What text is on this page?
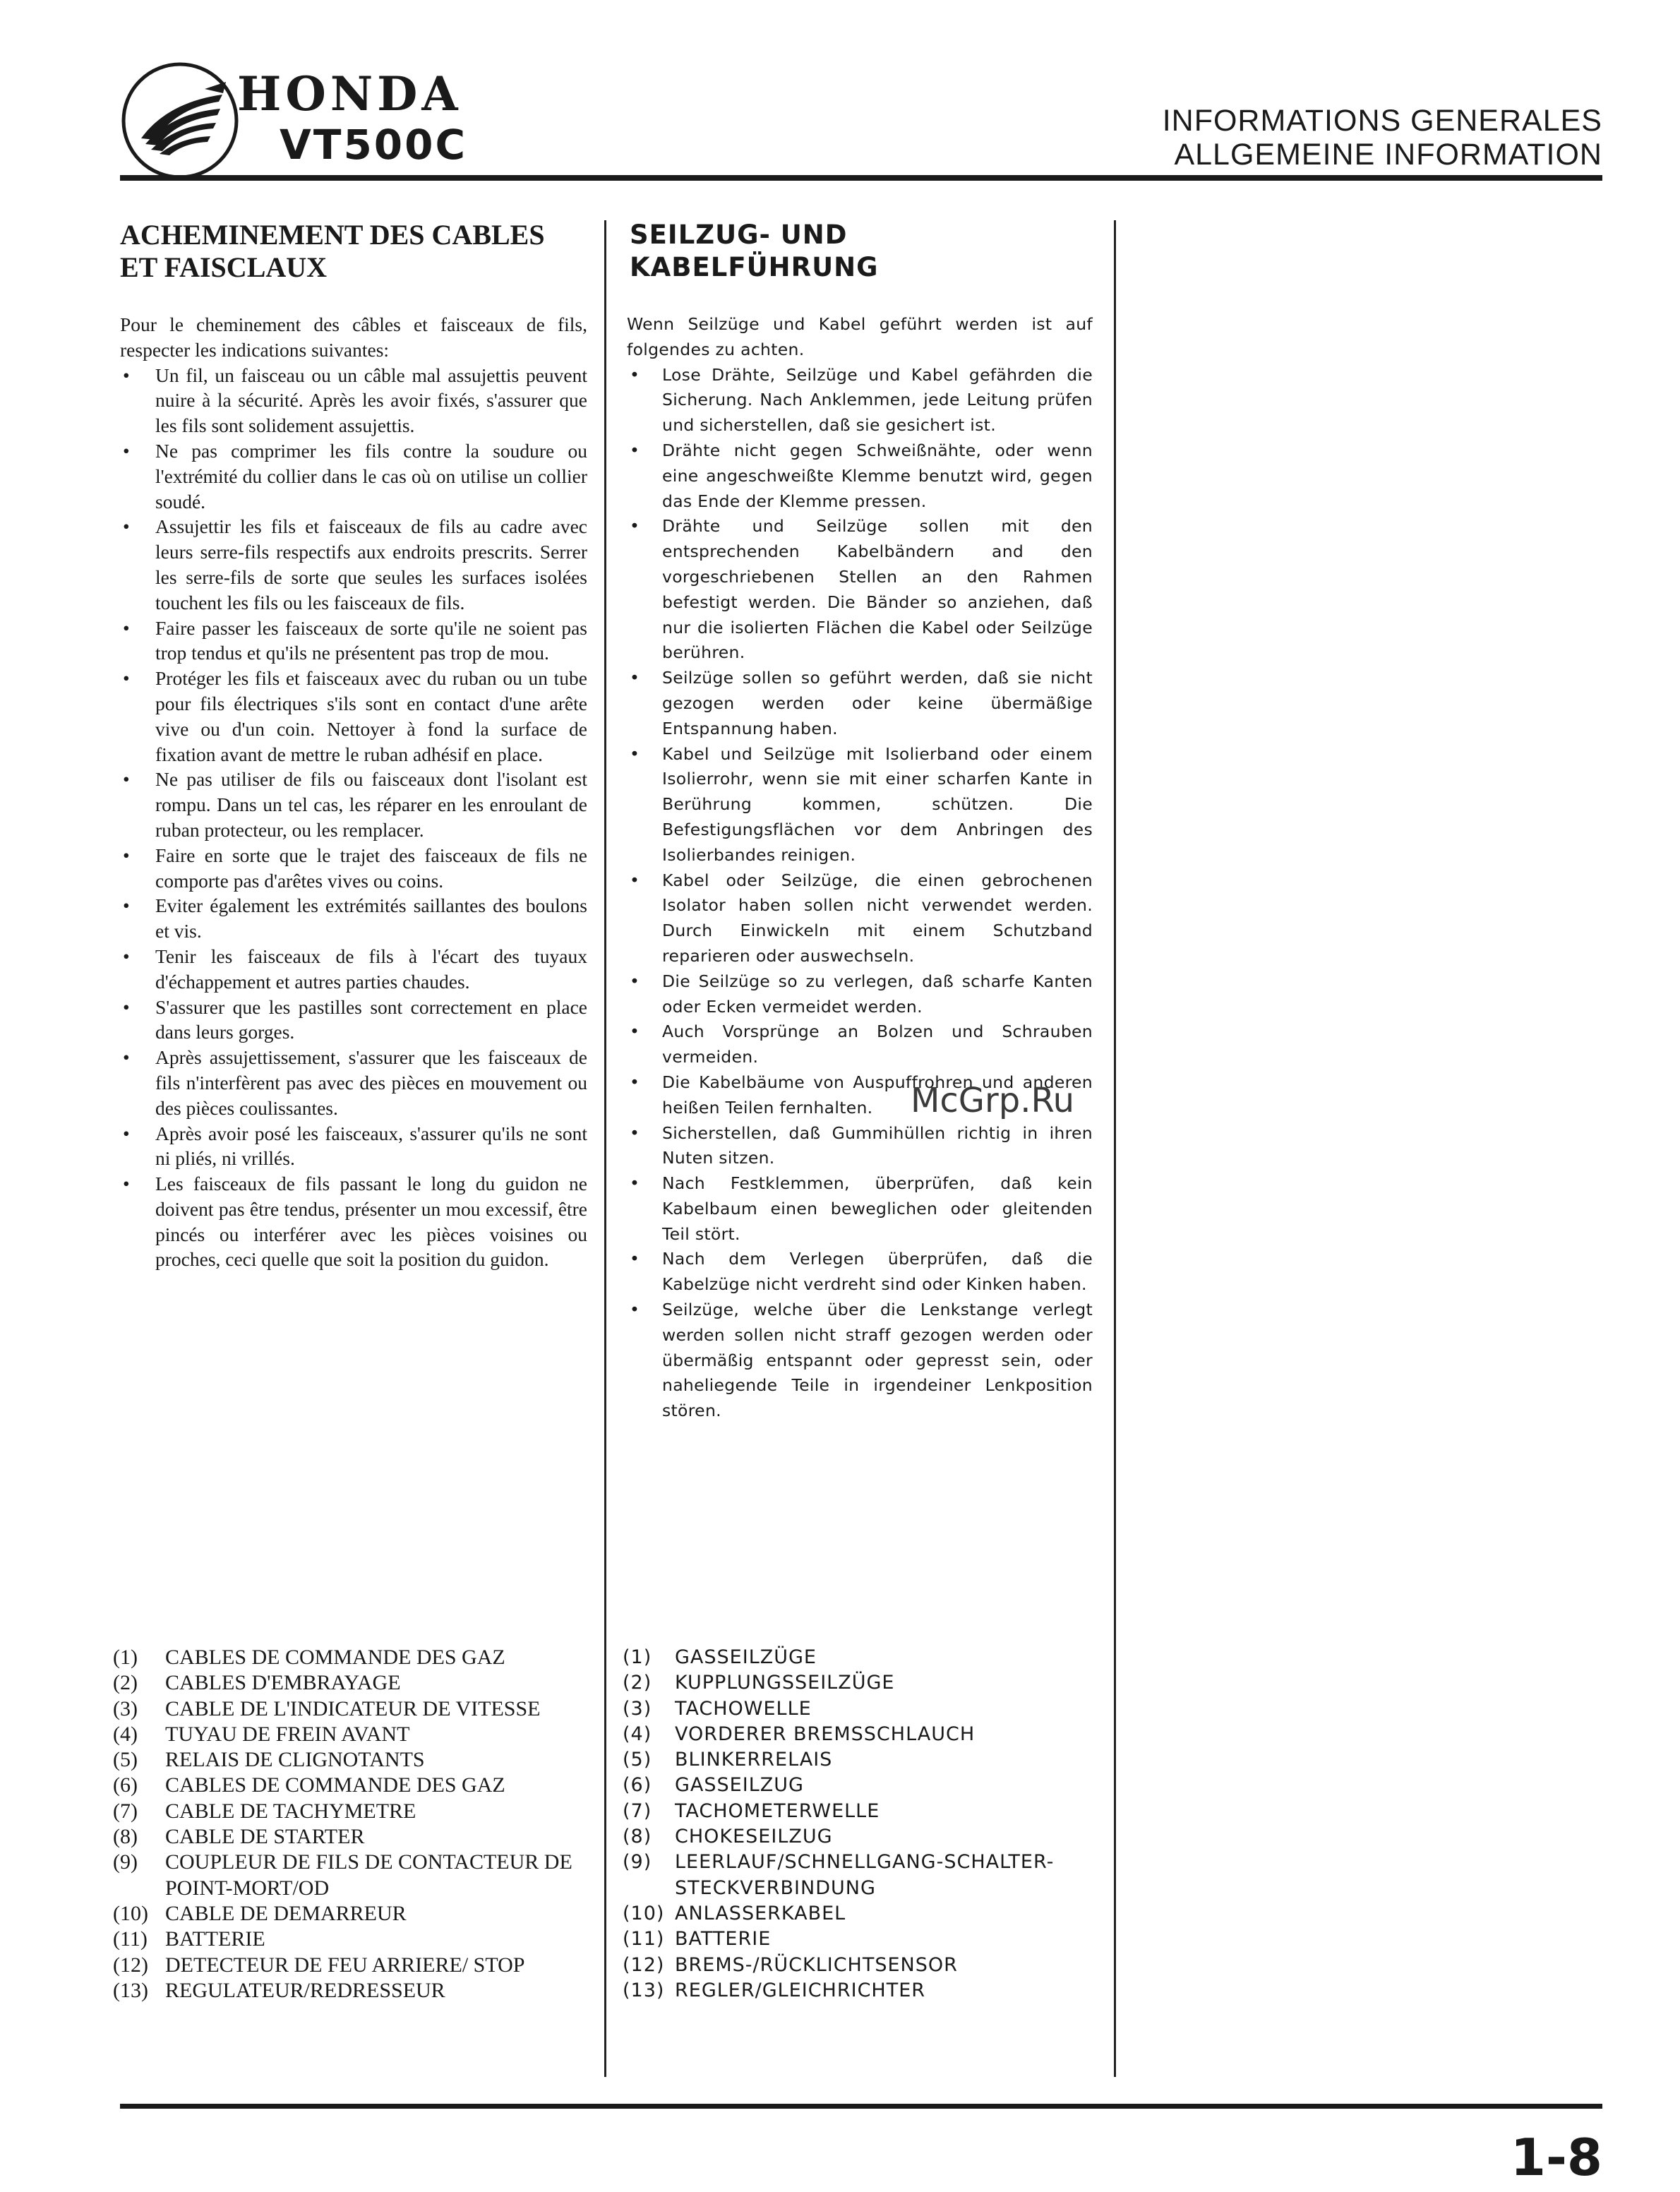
HONDA
VT500C	INFORMATIONS GENERALES
ALLGEMEINE INFORMATION
ACHEMINEMENT DES CABLES
ET FAISCLAUX
SEILZUG- UND
KABELFÜHRUNG

Pour le cheminement des câbles et faisceaux de fils, respecter les indications suivantes:

• Un fil, un faisceau ou un câble mal assujettis peuvent nuire à la sécurité. Après les avoir fixés, s'assurer que les fils sont solidement assujettis.
• Ne pas comprimer les fils contre la soudure ou l'extrémité du collier dans le cas où on utilise un collier soudé.
• Assujettir les fils et faisceaux de fils au cadre avec leurs serre-fils respectifs aux endroits prescrits. Serrer les serre-fils de sorte que seules les surfaces isolées touchent les fils ou les faisceaux de fils.
• Faire passer les faisceaux de sorte qu'ile ne soient pas trop tendus et qu'ils ne présentent pas trop de mou.
• Protéger les fils et faisceaux avec du ruban ou un tube pour fils électriques s'ils sont en contact d'une arête vive ou d'un coin. Nettoyer à fond la surface de fixation avant de mettre le ruban adhésif en place.
• Ne pas utiliser de fils ou faisceaux dont l'isolant est rompu. Dans un tel cas, les réparer en les enroulant de ruban protecteur, ou les remplacer.
• Faire en sorte que le trajet des faisceaux de fils ne comporte pas d'arêtes vives ou coins.
• Eviter également les extrémités saillantes des boulons et vis.
• Tenir les faisceaux de fils à l'écart des tuyaux d'échappement et autres parties chaudes.
• S'assurer que les pastilles sont correctement en place dans leurs gorges.
• Après assujettissement, s'assurer que les faisceaux de fils n'interfèrent pas avec des pièces en mouvement ou des pièces coulissantes.
• Après avoir posé les faisceaux, s'assurer qu'ils ne sont ni pliés, ni vrillés.
• Les faisceaux de fils passant le long du guidon ne doivent pas être tendus, présenter un mou excessif, être pincés ou interférer avec les pièces voisines ou proches, ceci quelle que soit la position du guidon.

Wenn Seilzüge und Kabel geführt werden ist auf folgendes zu achten.

• Lose Drähte, Seilzüge und Kabel gefährden die Sicherung. Nach Anklemmen, jede Leitung prüfen und sicherstellen, daß sie gesichert ist.
• Drähte nicht gegen Schweißnähte, oder wenn eine angeschweißte Klemme benutzt wird, gegen das Ende der Klemme pressen.
• Drähte und Seilzüge sollen mit den entsprechenden Kabelbändern and den vorgeschriebenen Stellen an den Rahmen befestigt werden. Die Bänder so anziehen, daß nur die isolierten Flächen die Kabel oder Seilzüge berühren.
• Seilzüge sollen so geführt werden, daß sie nicht gezogen werden oder keine übermäßige Entspannung haben.
• Kabel und Seilzüge mit Isolierband oder einem Isolierrohr, wenn sie mit einer scharfen Kante in Berührung kommen, schützen. Die Befestigungsflächen vor dem Anbringen des Isolierbandes reinigen.
• Kabel oder Seilzüge, die einen gebrochenen Isolator haben sollen nicht verwendet werden. Durch Einwickeln mit einem Schutzband reparieren oder auswechseln.
• Die Seilzüge so zu verlegen, daß scharfe Kanten oder Ecken vermeidet werden.
• Auch Vorsprünge an Bolzen und Schrauben vermeiden.
• Die Kabelbäume von Auspuffrohren und anderen heißen Teilen fernhalten.
• Sicherstellen, daß Gummihüllen richtig in ihren Nuten sitzen.
• Nach Festklemmen, überprüfen, daß kein Kabelbaum einen beweglichen oder gleitenden Teil stört.
• Nach dem Verlegen überprüfen, daß die Kabelzüge nicht verdreht sind oder Kinken haben.
• Seilzüge, welche über die Lenkstange verlegt werden sollen nicht straff gezogen werden oder übermäßig entspannt oder gepresst sein, oder naheliegende Teile in irgendeiner Lenkposition stören.
McGrp.Ru
(1)	CABLES DE COMMANDE DES GAZ
(2)	CABLES D'EMBRAYAGE
(3)	CABLE DE L'INDICATEUR DE VITESSE
(4)	TUYAU DE FREIN AVANT
(5)	RELAIS DE CLIGNOTANTS
(6)	CABLES DE COMMANDE DES GAZ
(7)	CABLE DE TACHYMETRE
(8)	CABLE DE STARTER
(9)	COUPLEUR DE FILS DE CONTACTEUR DE POINT-MORT/OD
(10) CABLE DE DEMARREUR
(11) BATTERIE
(12) DETECTEUR DE FEU ARRIERE/ STOP
(13) REGULATEUR/REDRESSEUR
(1)	GASSEILZÜGE
(2)	KUPPLUNGSSEILZÜGE
(3)	TACHOWELLE
(4)	VORDERER BREMSSCHLAUCH
(5)	BLINKERRELAIS
(6)	GASSEILZUG
(7)	TACHOMETERWELLE
(8)	CHOKESEILZUG
(9)	LEERLAUF/SCHNELLGANG-SCHALTER-STECKVERBINDUNG
(10) ANLASSERKABEL
(11) BATTERIE
(12) BREMS-/RÜCKLICHTSENSOR
(13) REGLER/GLEICHRICHTER
1-8
